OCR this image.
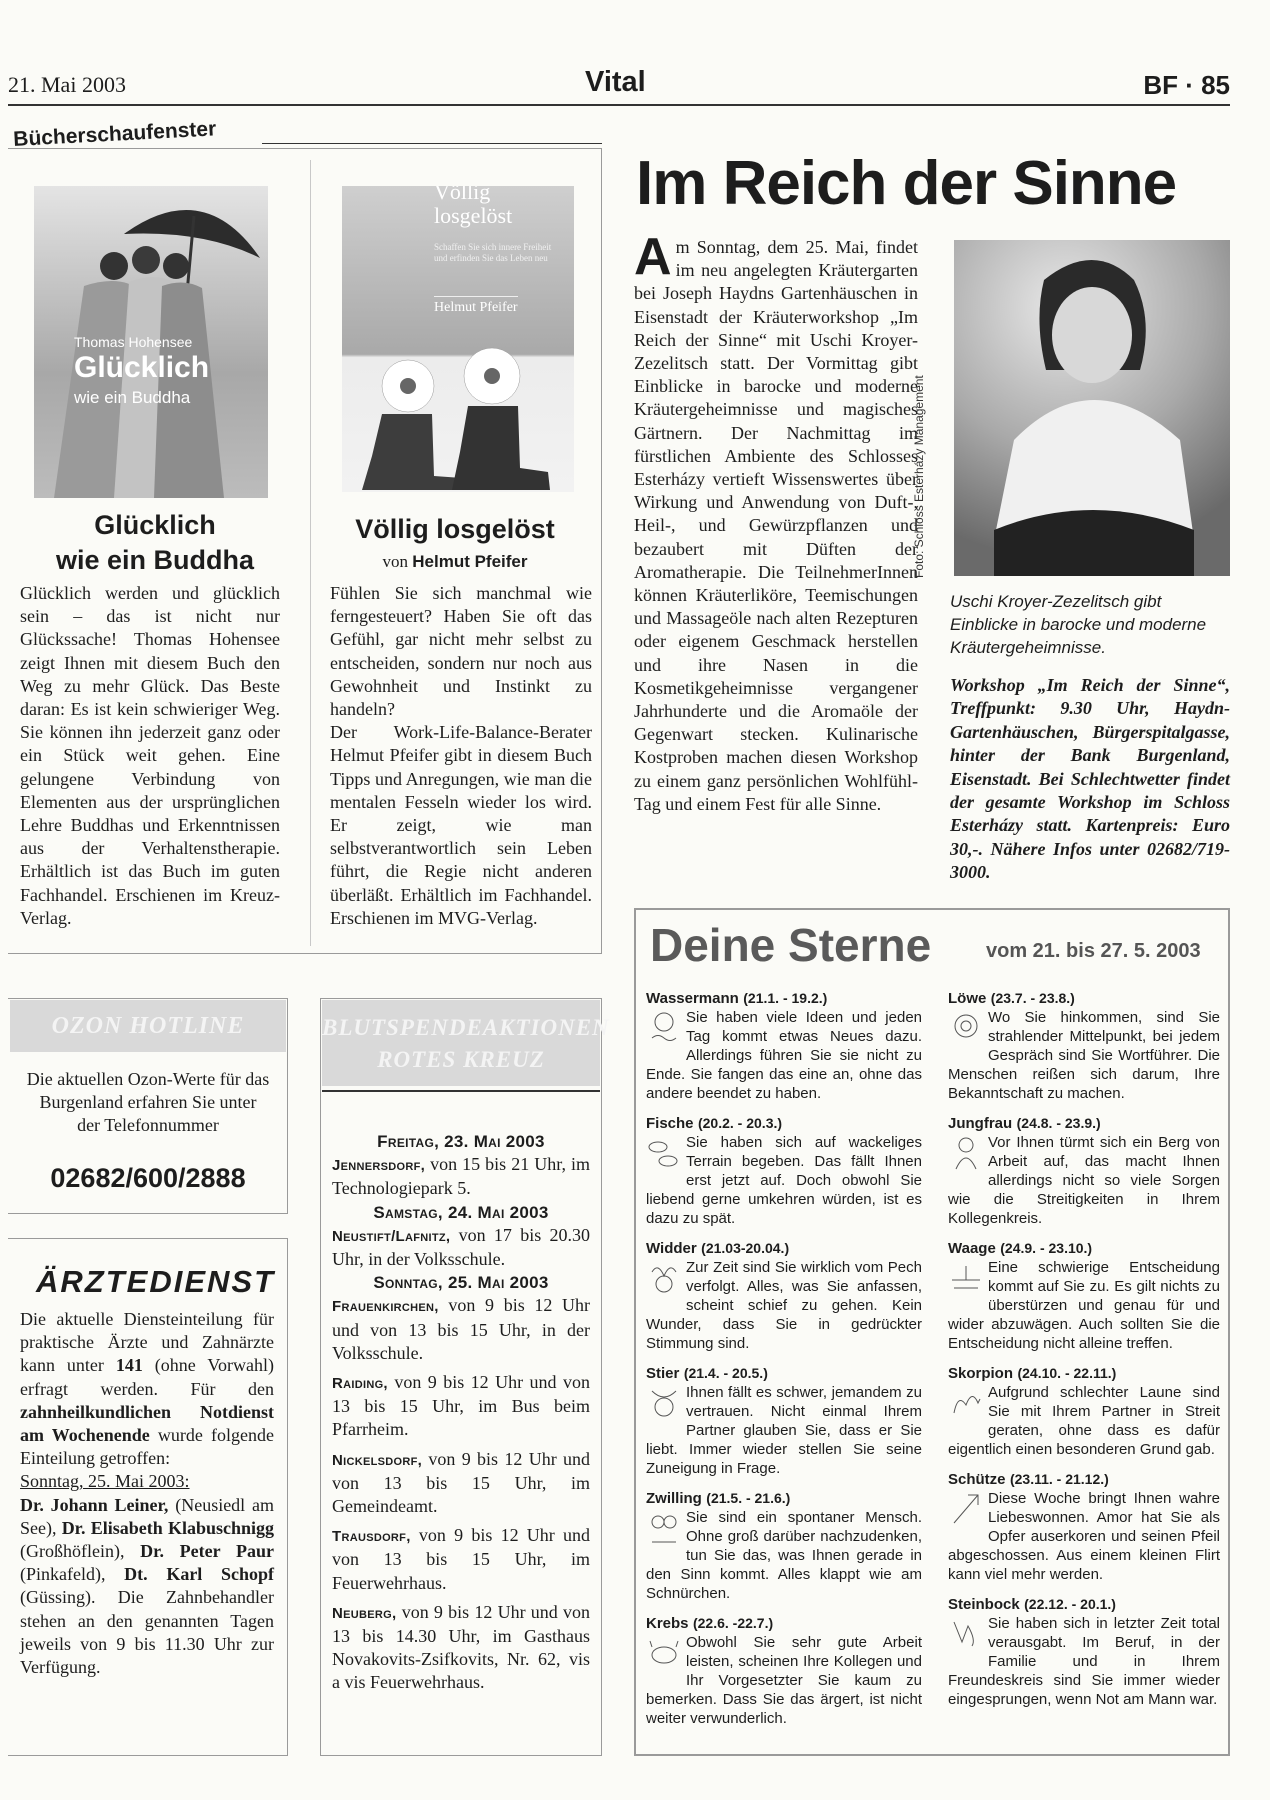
21. Mai 2003	Vital	BF · 85
Bücherschaufenster
Thomas Hohensee
Glücklich
wie ein Buddha
Glücklich
wie ein Buddha
Glücklich werden und glücklich sein – das ist nicht nur Glückssache! Thomas Hohensee zeigt Ihnen mit diesem Buch den Weg zu mehr Glück. Das Beste daran: Es ist kein schwieriger Weg. Sie können ihn jederzeit ganz oder ein Stück weit gehen. Eine gelungene Verbindung von Elementen aus der ursprünglichen Lehre Buddhas und Erkenntnissen aus der Verhaltenstherapie. Erhältlich ist das Buch im guten Fachhandel. Erschienen im Kreuz-Verlag.
Völlig
losgelöst
Schaffen Sie sich innere Freiheit und erfinden Sie das Leben neu
Helmut Pfeifer
Völlig losgelöst
von Helmut Pfeifer
Fühlen Sie sich manchmal wie ferngesteuert? Haben Sie oft das Gefühl, gar nicht mehr selbst zu entscheiden, sondern nur noch aus Gewohnheit und Instinkt zu handeln?
Der Work-Life-Balance-Berater Helmut Pfeifer gibt in diesem Buch Tipps und Anregungen, wie man die mentalen Fesseln wieder los wird. Er zeigt, wie man selbstverantwortlich sein Leben führt, die Regie nicht anderen überläßt. Erhältlich im Fachhandel. Erschienen im MVG-Verlag.
OZON HOTLINE
Die aktuellen Ozon-Werte für das Burgenland erfahren Sie unter der Telefonnummer
02682/600/2888
ÄRZTEDIENST
Die aktuelle Diensteinteilung für praktische Ärzte und Zahnärzte kann unter 141 (ohne Vorwahl) erfragt werden. Für den zahnheilkundlichen Notdienst am Wochenende wurde folgende Einteilung getroffen:
Sonntag, 25. Mai 2003:
Dr. Johann Leiner, (Neusiedl am See), Dr. Elisabeth Klabuschnigg (Großhöflein), Dr. Peter Paur (Pinkafeld), Dt. Karl Schopf (Güssing). Die Zahnbehandler stehen an den genannten Tagen jeweils von 9 bis 11.30 Uhr zur Verfügung.
BLUTSPENDEAKTIONEN
ROTES KREUZ
Freitag, 23. Mai 2003
Jennersdorf, von 15 bis 21 Uhr, im Technologiepark 5.
Samstag, 24. Mai 2003
Neustift/Lafnitz, von 17 bis 20.30 Uhr, in der Volksschule.
Sonntag, 25. Mai 2003
Frauenkirchen, von 9 bis 12 Uhr und von 13 bis 15 Uhr, in der Volksschule.
Raiding, von 9 bis 12 Uhr und von 13 bis 15 Uhr, im Bus beim Pfarrheim.
Nickelsdorf, von 9 bis 12 Uhr und von 13 bis 15 Uhr, im Gemeindeamt.
Trausdorf, von 9 bis 12 Uhr und von 13 bis 15 Uhr, im Feuerwehrhaus.
Neuberg, von 9 bis 12 Uhr und von 13 bis 14.30 Uhr, im Gasthaus Novakovits-Zsifkovits, Nr. 62, vis a vis Feuerwehrhaus.
Im Reich der Sinne
Am Sonntag, dem 25. Mai, findet im neu angelegten Kräutergarten bei Joseph Haydns Gartenhäuschen in Eisenstadt der Kräuterworkshop „Im Reich der Sinne“ mit Uschi Kroyer-Zezelitsch statt. Der Vormittag gibt Einblicke in barocke und moderne Kräutergeheimnisse und magisches Gärtnern. Der Nachmittag im fürstlichen Ambiente des Schlosses Esterházy vertieft Wissenswertes über Wirkung und Anwendung von Duft-, Heil-, und Gewürzpflanzen und bezaubert mit Düften der Aromatherapie. Die TeilnehmerInnen können Kräuterliköre, Teemischungen und Massageöle nach alten Rezepturen oder eigenem Geschmack herstellen und ihre Nasen in die Kosmetikgeheimnisse vergangener Jahrhunderte und die Aromaöle der Gegenwart stecken. Kulinarische Kostproben machen diesen Workshop zu einem ganz persönlichen Wohlfühl-Tag und einem Fest für alle Sinne.
Foto: Schloss Esterházy Management
Uschi Kroyer-Zezelitsch gibt Einblicke in barocke und moderne Kräutergeheimnisse.
Workshop „Im Reich der Sinne“, Treffpunkt: 9.30 Uhr, Haydn-Gartenhäuschen, Bürgerspitalgasse, hinter der Bank Burgenland, Eisenstadt. Bei Schlechtwetter findet der gesamte Workshop im Schloss Esterházy statt. Kartenpreis: Euro 30,-. Nähere Infos unter 02682/719-3000.
Deine Sterne	vom 21. bis 27. 5. 2003
Wassermann (21.1. - 19.2.)
Sie haben viele Ideen und jeden Tag kommt etwas Neues dazu. Allerdings führen Sie sie nicht zu Ende. Sie fangen das eine an, ohne das andere beendet zu haben.
Fische (20.2. - 20.3.)
Sie haben sich auf wackeliges Terrain begeben. Das fällt Ihnen erst jetzt auf. Doch obwohl Sie liebend gerne umkehren würden, ist es dazu zu spät.
Widder (21.03-20.04.)
Zur Zeit sind Sie wirklich vom Pech verfolgt. Alles, was Sie anfassen, scheint schief zu gehen. Kein Wunder, dass Sie in gedrückter Stimmung sind.
Stier (21.4. - 20.5.)
Ihnen fällt es schwer, jemandem zu vertrauen. Nicht einmal Ihrem Partner glauben Sie, dass er Sie liebt. Immer wieder stellen Sie seine Zuneigung in Frage.
Zwilling (21.5. - 21.6.)
Sie sind ein spontaner Mensch. Ohne groß darüber nachzudenken, tun Sie das, was Ihnen gerade in den Sinn kommt. Alles klappt wie am Schnürchen.
Krebs (22.6. -22.7.)
Obwohl Sie sehr gute Arbeit leisten, scheinen Ihre Kollegen und Ihr Vorgesetzter Sie kaum zu bemerken. Dass Sie das ärgert, ist nicht weiter verwunderlich.
Löwe (23.7. - 23.8.)
Wo Sie hinkommen, sind Sie strahlender Mittelpunkt, bei jedem Gespräch sind Sie Wortführer. Die Menschen reißen sich darum, Ihre Bekanntschaft zu machen.
Jungfrau (24.8. - 23.9.)
Vor Ihnen türmt sich ein Berg von Arbeit auf, das macht Ihnen allerdings nicht so viele Sorgen wie die Streitigkeiten in Ihrem Kollegenkreis.
Waage (24.9. - 23.10.)
Eine schwierige Entscheidung kommt auf Sie zu. Es gilt nichts zu überstürzen und genau für und wider abzuwägen. Auch sollten Sie die Entscheidung nicht alleine treffen.
Skorpion (24.10. - 22.11.)
Aufgrund schlechter Laune sind Sie mit Ihrem Partner in Streit geraten, ohne dass es dafür eigentlich einen besonderen Grund gab.
Schütze (23.11. - 21.12.)
Diese Woche bringt Ihnen wahre Liebeswonnen. Amor hat Sie als Opfer auserkoren und seinen Pfeil abgeschossen. Aus einem kleinen Flirt kann viel mehr werden.
Steinbock (22.12. - 20.1.)
Sie haben sich in letzter Zeit total verausgabt. Im Beruf, in der Familie und in Ihrem Freundeskreis sind Sie immer wieder eingesprungen, wenn Not am Mann war.
